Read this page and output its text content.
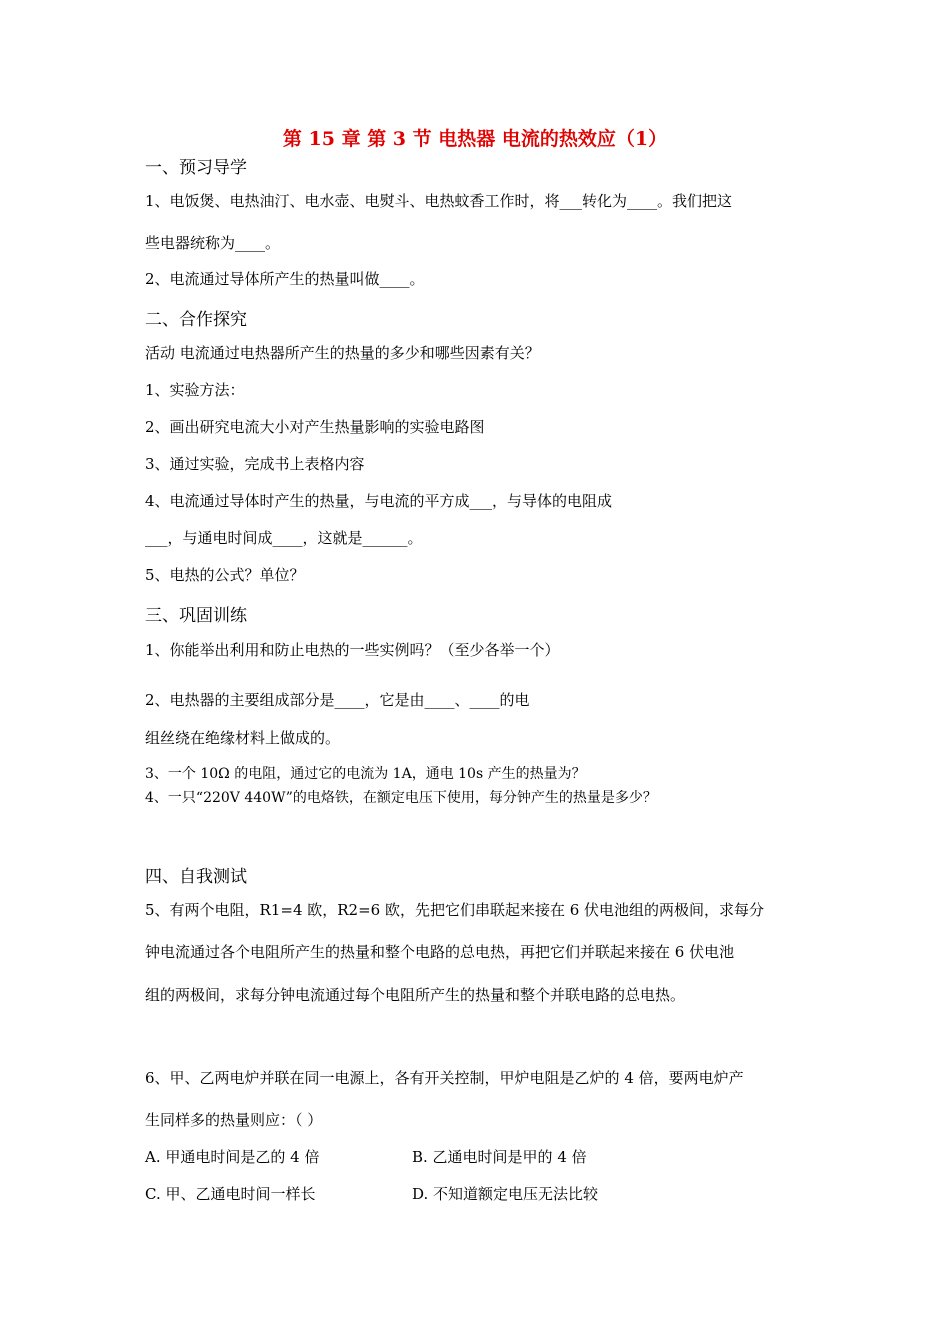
第 15 章 第 3 节 电热器 电流的热效应（1）
一、预习导学
1、电饭煲、电热油汀、电水壶、电熨斗、电热蚊香工作时，将___转化为____。我们把这
些电器统称为____。
2、电流通过导体所产生的热量叫做____。
二、合作探究
活动 电流通过电热器所产生的热量的多少和哪些因素有关？
1、实验方法：
2、画出研究电流大小对产生热量影响的实验电路图
3、通过实验，完成书上表格内容
4、电流通过导体时产生的热量，与电流的平方成___，与导体的电阻成
___，与通电时间成____，这就是______。
5、电热的公式？单位？
三、巩固训练
1、你能举出利用和防止电热的一些实例吗？（至少各举一个）
2、电热器的主要组成部分是____，它是由____、____的电
组丝绕在绝缘材料上做成的。
3、一个 10Ω 的电阻，通过它的电流为 1A，通电 10s 产生的热量为？
4、一只“220V 440W”的电烙铁，在额定电压下使用，每分钟产生的热量是多少？
四、自我测试
5、有两个电阻，R1=4 欧，R2=6 欧，先把它们串联起来接在 6 伏电池组的两极间，求每分
钟电流通过各个电阻所产生的热量和整个电路的总电热，再把它们并联起来接在 6 伏电池
组的两极间，求每分钟电流通过每个电阻所产生的热量和整个并联电路的总电热。
6、甲、乙两电炉并联在同一电源上，各有开关控制，甲炉电阻是乙炉的 4 倍，要两电炉产
生同样多的热量则应：（ ）
A. 甲通电时间是乙的 4 倍	B. 乙通电时间是甲的 4 倍
C. 甲、乙通电时间一样长	D. 不知道额定电压无法比较
